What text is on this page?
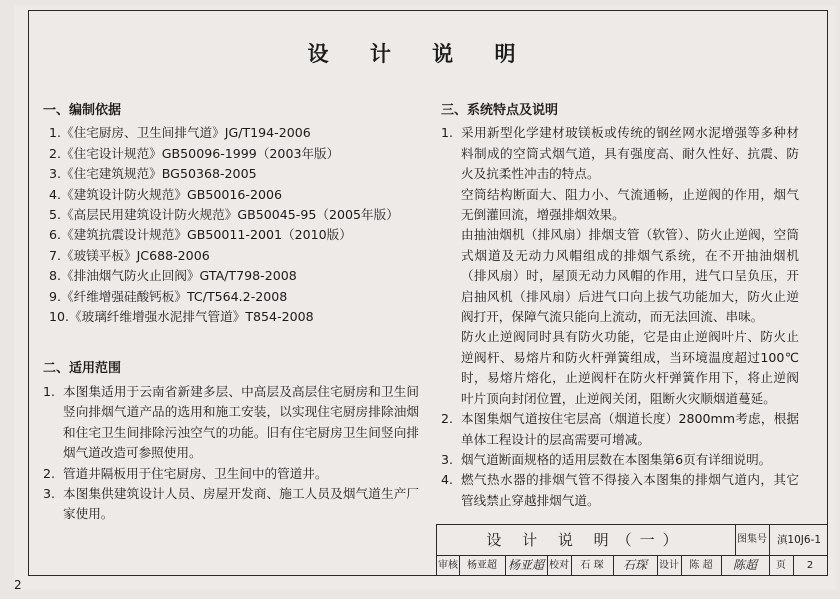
设 计 说 明
一、编制依据
1.《住宅厨房、卫生间排气道》JG/T194-2006
2.《住宅设计规范》GB50096-1999（2003年版）
3.《住宅建筑规范》BG50368-2005
4.《建筑设计防火规范》GB50016-2006
5.《高层民用建筑设计防火规范》GB50045-95（2005年版）
6.《建筑抗震设计规范》GB50011-2001（2010版）
7.《玻镁平板》JC688-2006
8.《排油烟气防火止回阀》GTA/T798-2008
9.《纤维增强硅酸钙板》TC/T564.2-2008
10.《玻璃纤维增强水泥排气管道》T854-2008
二、适用范围
1. 本图集适用于云南省新建多层、中高层及高层住宅厨房和卫生间竖向排烟气道产品的选用和施工安装，以实现住宅厨房排除油烟和住宅卫生间排除污浊空气的功能。旧有住宅厨房卫生间竖向排烟气道改造可参照使用。
2. 管道井隔板用于住宅厨房、卫生间中的管道井。
3. 本图集供建筑设计人员、房屋开发商、施工人员及烟气道生产厂家使用。
三、系统特点及说明
1. 采用新型化学建材玻镁板或传统的钢丝网水泥增强等多种材料制成的空筒式烟气道，具有强度高、耐久性好、抗震、防火及抗柔性冲击的特点。
空筒结构断面大、阻力小、气流通畅，止逆阀的作用，烟气无倒灌回流，增强排烟效果。
由抽油烟机（排风扇）排烟支管（软管）、防火止逆阀，空筒式烟道及无动力风帽组成的排烟气系统，在不开抽油烟机（排风扇）时，屋顶无动力风帽的作用，进气口呈负压，开启抽风机（排风扇）后进气口向上拔气功能加大，防火止逆阀打开，保障气流只能向上流动，而无法回流、串味。
防火止逆阀同时具有防火功能，它是由止逆阀叶片、防火止逆阀杆、易熔片和防火杆弹簧组成，当环境温度超过100℃时，易熔片熔化，止逆阀杆在防火杆弹簧作用下，将止逆阀叶片顶向封闭位置，止逆阀关闭，阻断火灾顺烟道蔓延。
2. 本图集烟气道按住宅层高（烟道长度）2800mm考虑，根据单体工程设计的层高需要可增减。
3. 烟气道断面规格的适用层数在本图集第6页有详细说明。
4. 燃气热水器的排烟气管不得接入本图集的排烟气道内，其它管线禁止穿越排烟气道。
设 计 说 明（一）	图集号 滇10J6-1
审核 杨亚超 杨亚超 校对	石 琛	石琛	设计	陈 超	陈超	页	2
2
